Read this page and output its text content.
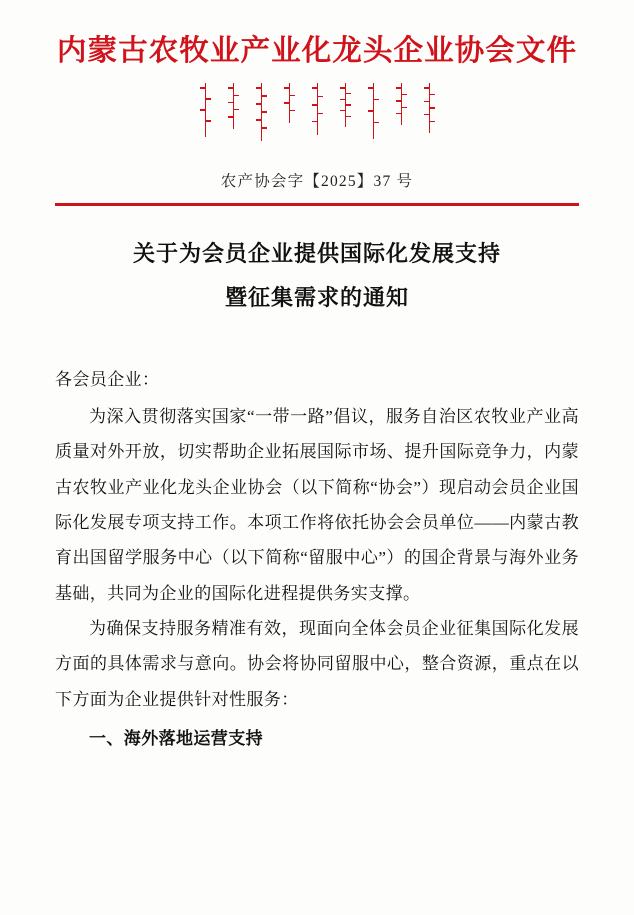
内蒙古农牧业产业化龙头企业协会文件
农产协会字【2025】37 号
关于为会员企业提供国际化发展支持
暨征集需求的通知
各会员企业：
为深入贯彻落实国家“一带一路”倡议，服务自治区农牧业产业高质量对外开放，切实帮助企业拓展国际市场、提升国际竞争力，内蒙古农牧业产业化龙头企业协会（以下简称“协会”）现启动会员企业国际化发展专项支持工作。本项工作将依托协会会员单位——内蒙古教育出国留学服务中心（以下简称“留服中心”）的国企背景与海外业务基础，共同为企业的国际化进程提供务实支撑。
为确保支持服务精准有效，现面向全体会员企业征集国际化发展方面的具体需求与意向。协会将协同留服中心，整合资源，重点在以下方面为企业提供针对性服务：
一、海外落地运营支持
